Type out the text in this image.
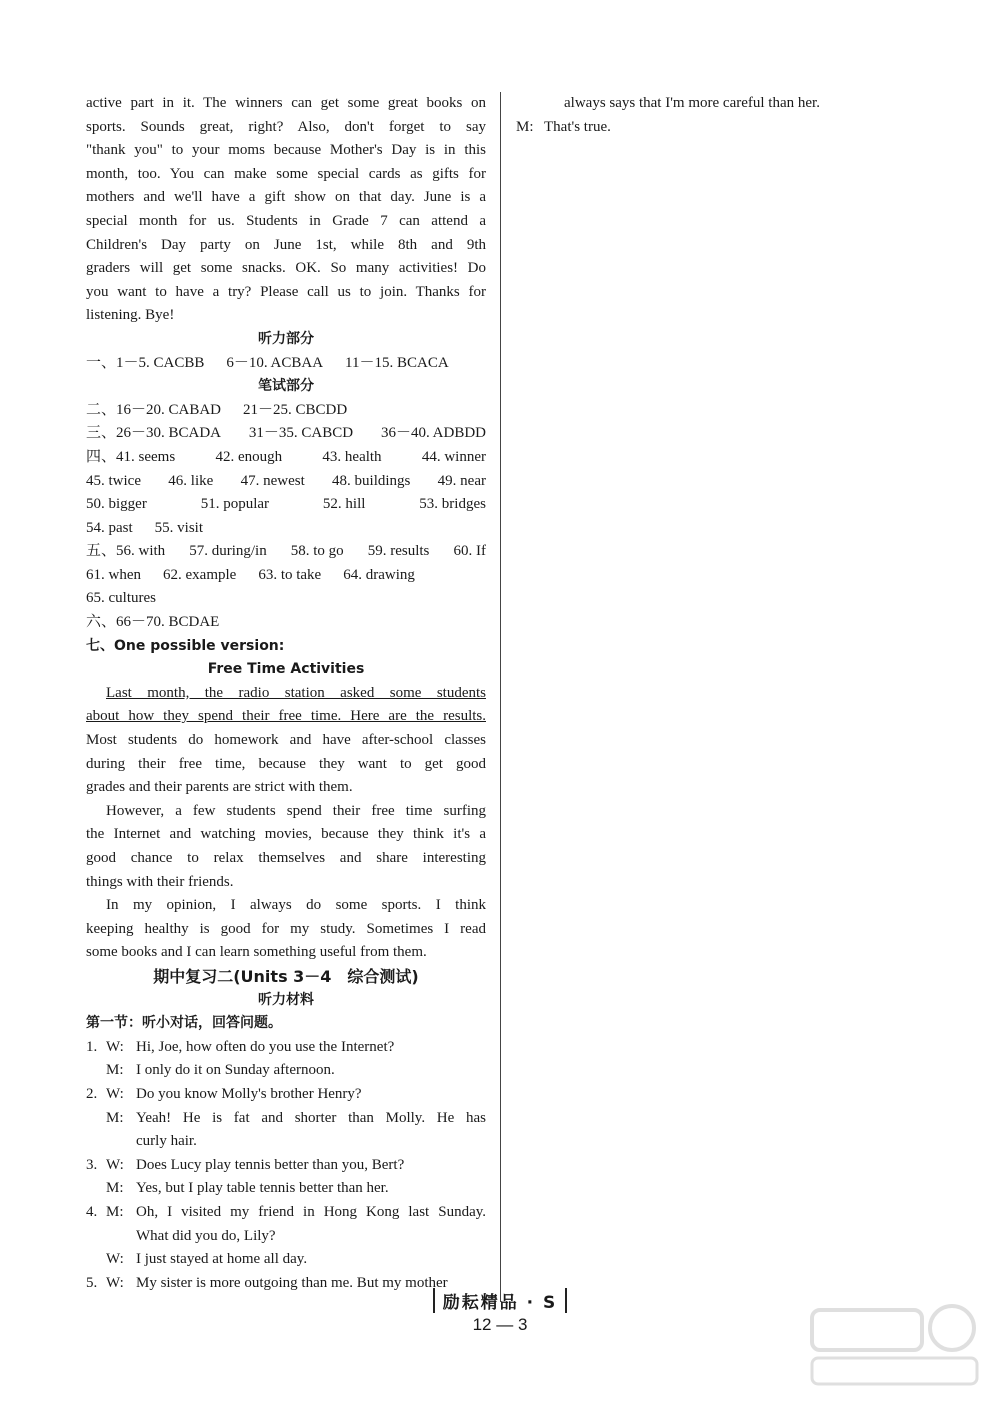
active part in it. The winners can get some great books on
sports. Sounds great, right? Also, don't forget to say
"thank you" to your moms because Mother's Day is in this
month, too. You can make some special cards as gifts for
mothers and we'll have a gift show on that day. June is a
special month for us. Students in Grade 7 can attend a
Children's Day party on June 1st, while 8th and 9th
graders will get some snacks. OK. So many activities! Do
you want to have a try? Please call us to join. Thanks for
listening. Bye!
听力部分
一、1－5. CACBB 6－10. ACBAA 11－15. BCACA
笔试部分
二、16－20. CABAD 21－25. CBCDD
三、26－30. BCADA 31－35. CABCD 36－40. ADBDD
四、41. seems	42. enough	43. health	44. winner
45. twice 46. like 47. newest 48. buildings 49. near
50. bigger	51. popular	52. hill	53. bridges
54. past 55. visit
五、56. with 57. during/in 58. to go 59. results 60. If
61. when 62. example 63. to take 64. drawing
65. cultures
六、66－70. BCDAE
七、One possible version:
Free Time Activities
Last month, the radio station asked some students
about how they spend their free time. Here are the results.
Most students do homework and have after-school classes
during their free time, because they want to get good
grades and their parents are strict with them.
However, a few students spend their free time surfing
the Internet and watching movies, because they think it's a
good chance to relax themselves and share interesting
things with their friends.
In my opinion, I always do some sports. I think
keeping healthy is good for my study. Sometimes I read
some books and I can learn something useful from them.
期中复习二(Units 3－4　综合测试)
听力材料
第一节：听小对话，回答问题。
1. W: Hi, Joe, how often do you use the Internet?
M: I only do it on Sunday afternoon.
2. W: Do you know Molly's brother Henry?
M: Yeah! He is fat and shorter than Molly. He has
curly hair.
3. W: Does Lucy play tennis better than you, Bert?
M: Yes, but I play table tennis better than her.
4. M: Oh, I visited my friend in Hong Kong last Sunday.
What did you do, Lily?
W: I just stayed at home all day.
5. W: My sister is more outgoing than me. But my mother
always says that I'm more careful than her.
M: That's true.
励耘精品 · S
12 — 3
